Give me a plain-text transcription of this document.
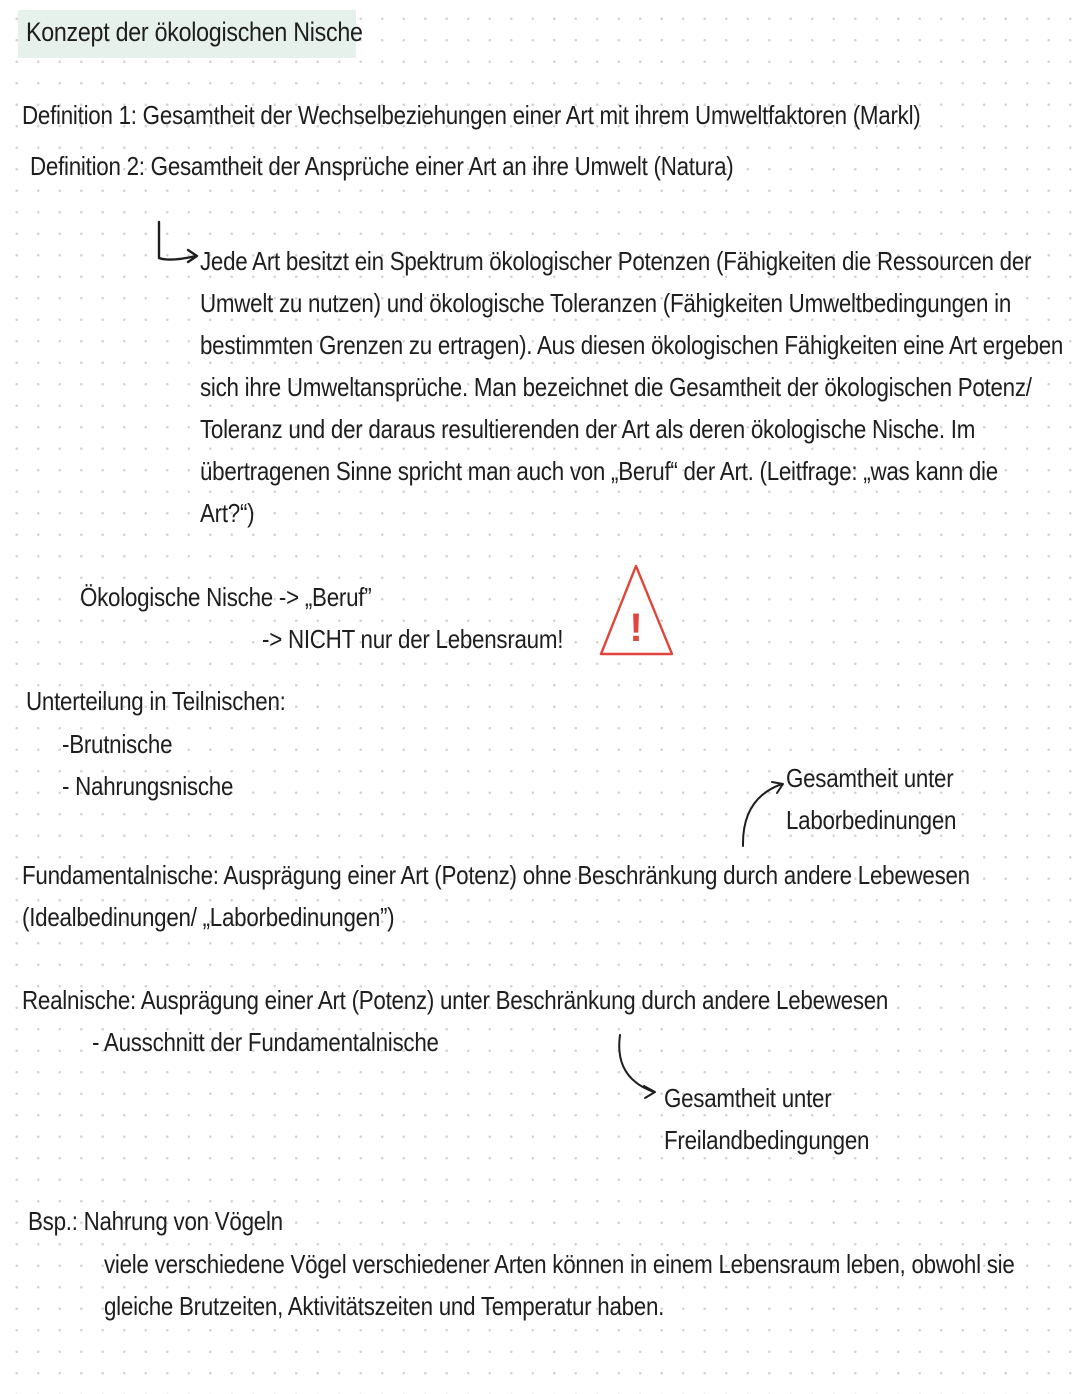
Konzept der ökologischen Nische
Definition 1: Gesamtheit der Wechselbeziehungen einer Art mit ihrem Umweltfaktoren (Markl)
Definition 2: Gesamtheit der Ansprüche einer Art an ihre Umwelt (Natura)
Jede Art besitzt ein Spektrum ökologischer Potenzen (Fähigkeiten die Ressourcen der
Umwelt zu nutzen) und ökologische Toleranzen (Fähigkeiten Umweltbedingungen in
bestimmten Grenzen zu ertragen). Aus diesen ökologischen Fähigkeiten eine Art ergeben
sich ihre Umweltansprüche. Man bezeichnet die Gesamtheit der ökologischen Potenz/
Toleranz und der daraus resultierenden der Art als deren ökologische Nische. Im
übertragenen Sinne spricht man auch von „Beruf“ der Art. (Leitfrage: „was kann die
Art?“)
Ökologische Nische -> „Beruf”
-> NICHT nur der Lebensraum!
Unterteilung in Teilnischen:
-Brutnische
- Nahrungsnische	Gesamtheit unter
Laborbedinungen
Fundamentalnische: Ausprägung einer Art (Potenz) ohne Beschränkung durch andere Lebewesen
(Idealbedinungen/ „Laborbedinungen”)
Realnische: Ausprägung einer Art (Potenz) unter Beschränkung durch andere Lebewesen
- Ausschnitt der Fundamentalnische
Gesamtheit unter
Freilandbedingungen
Bsp.: Nahrung von Vögeln
viele verschiedene Vögel verschiedener Arten können in einem Lebensraum leben, obwohl sie
gleiche Brutzeiten, Aktivitätszeiten und Temperatur haben.
!
